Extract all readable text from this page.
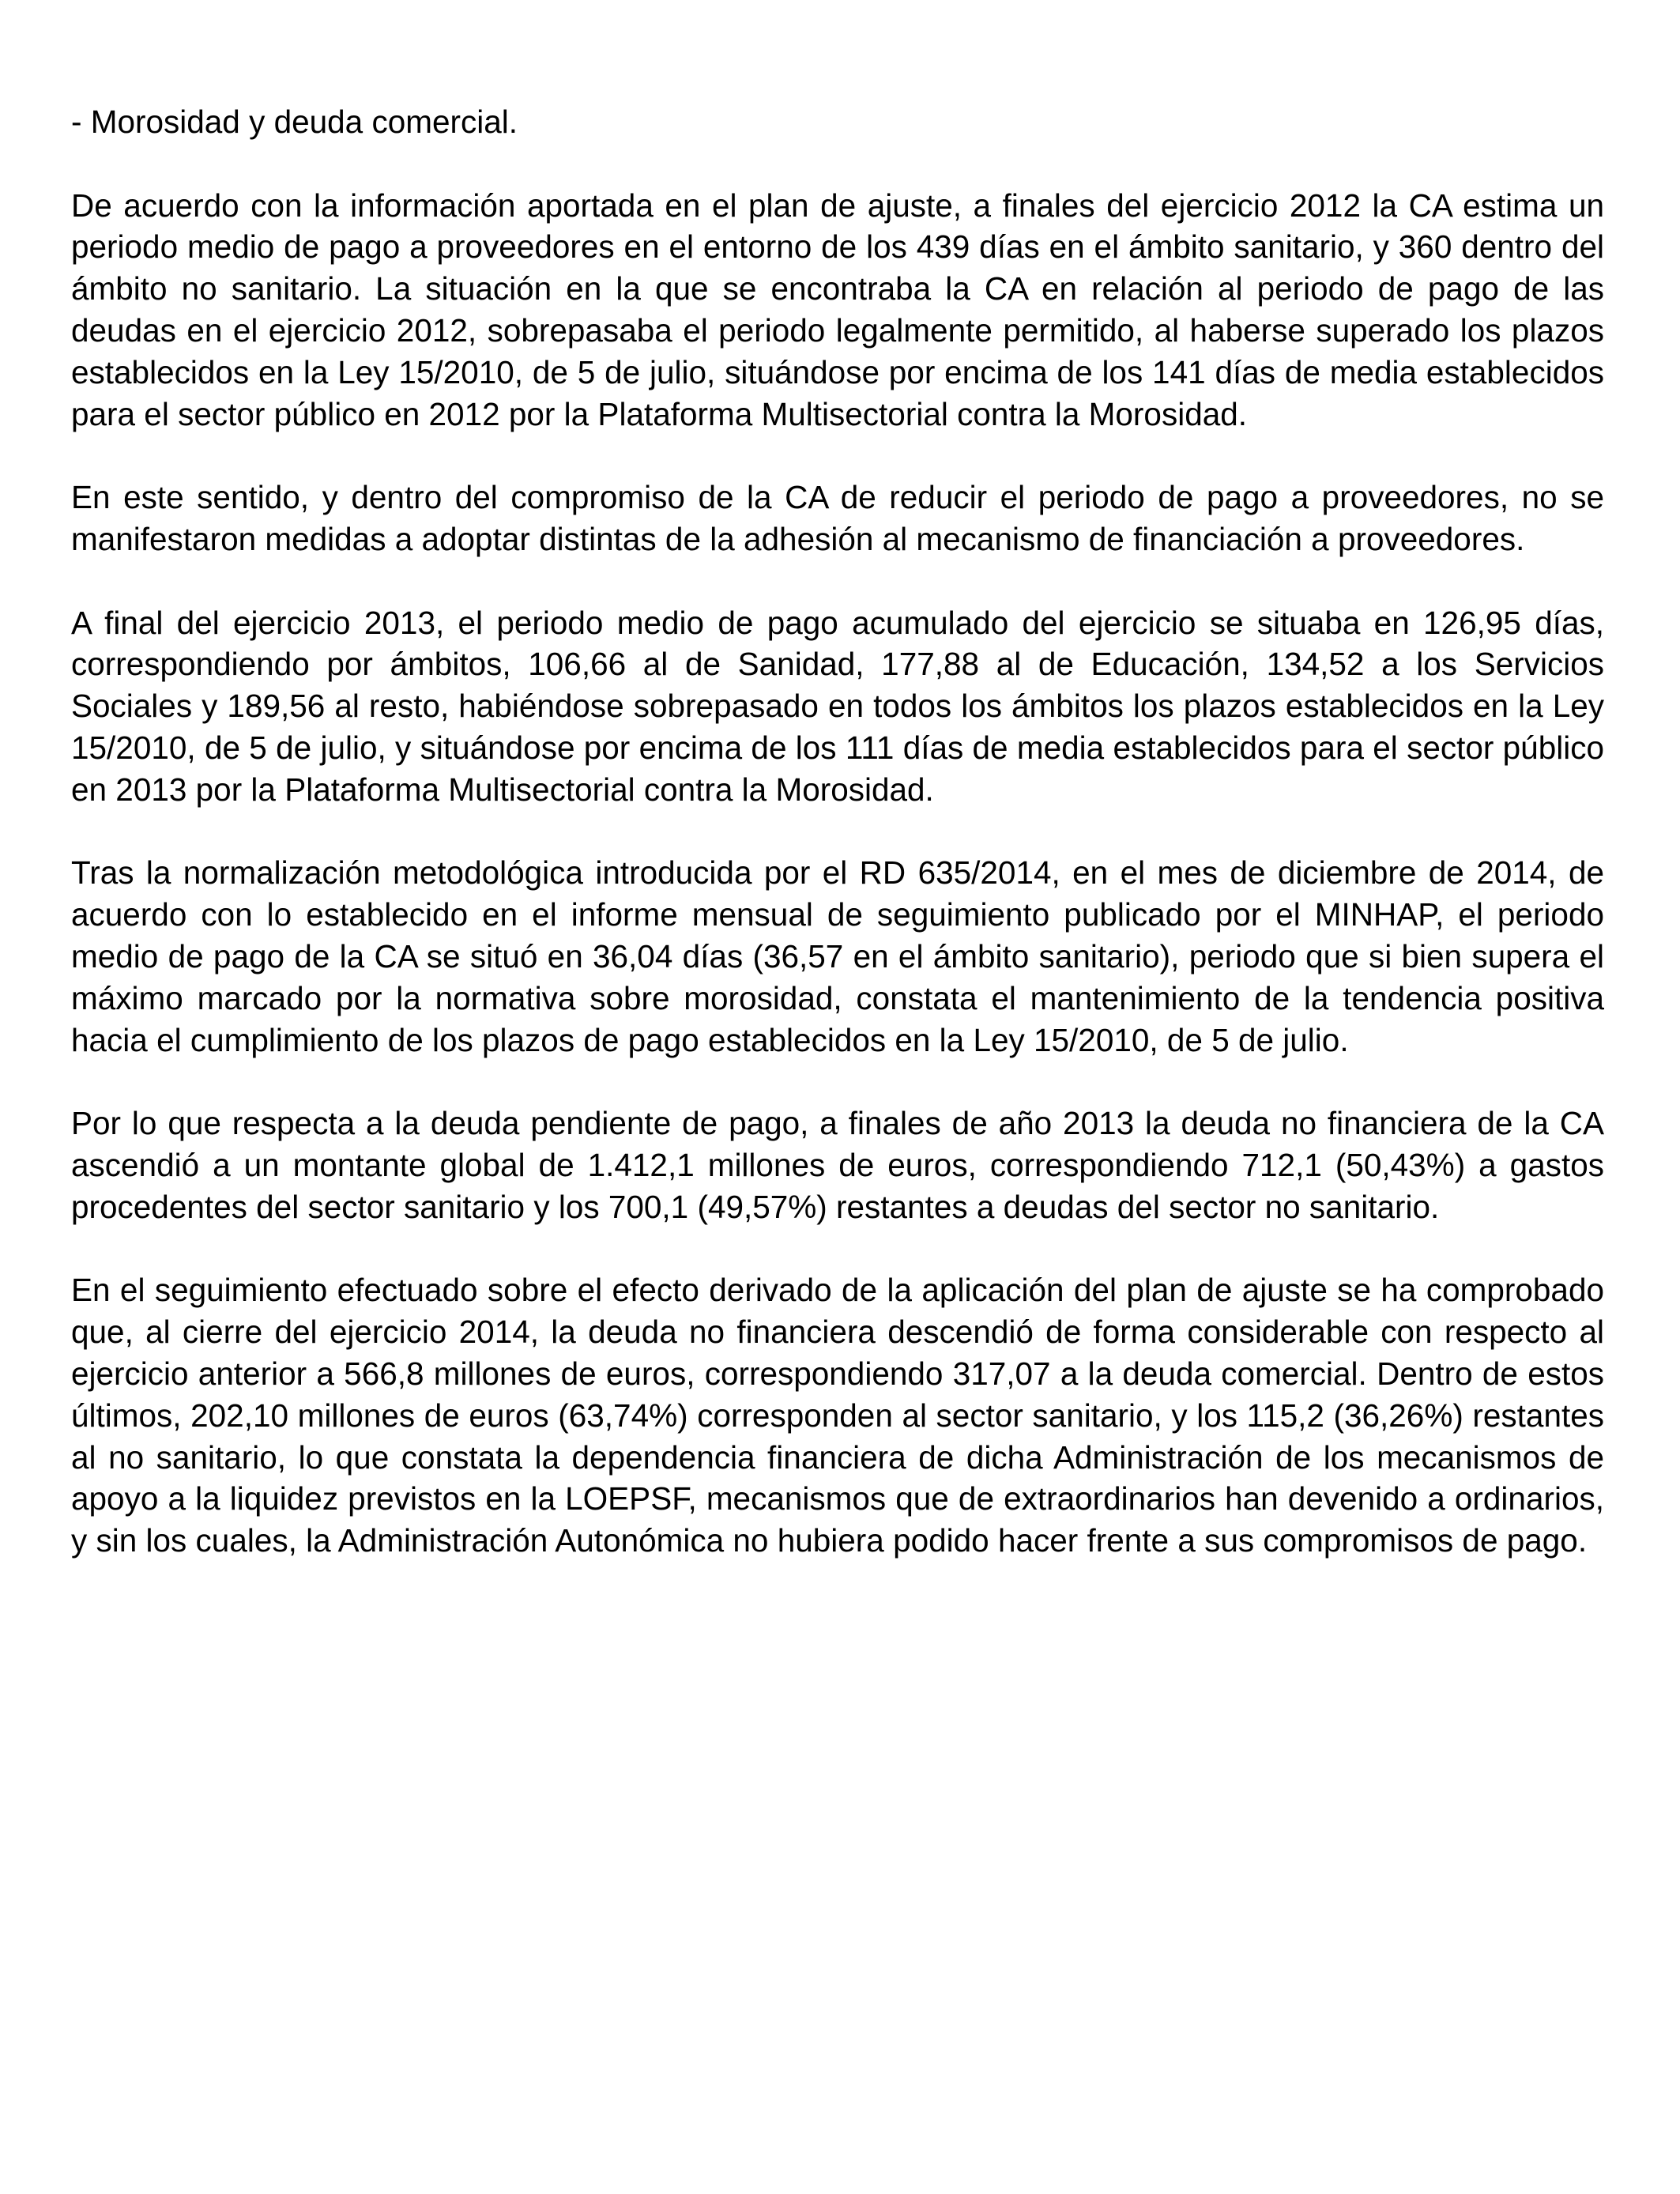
- Morosidad y deuda comercial.

De acuerdo con la información aportada en el plan de ajuste, a finales del ejercicio 2012 la CA estima un periodo medio de pago a proveedores en el entorno de los 439 días en el ámbito sanitario, y 360 dentro del ámbito no sanitario. La situación en la que se encontraba la CA en relación al periodo de pago de las deudas en el ejercicio 2012, sobrepasaba el periodo legalmente permitido, al haberse superado los plazos establecidos en la Ley 15/2010, de 5 de julio, situándose por encima de los 141 días de media establecidos para el sector público en 2012 por la Plataforma Multisectorial contra la Morosidad.

En este sentido, y dentro del compromiso de la CA de reducir el periodo de pago a proveedores, no se manifestaron medidas a adoptar distintas de la adhesión al mecanismo de financiación a proveedores.

A final del ejercicio 2013, el periodo medio de pago acumulado del ejercicio se situaba en 126,95 días, correspondiendo por ámbitos, 106,66 al de Sanidad, 177,88 al de Educación, 134,52 a los Servicios Sociales y 189,56 al resto, habiéndose sobrepasado en todos los ámbitos los plazos establecidos en la Ley 15/2010, de 5 de julio, y situándose por encima de los 111 días de media establecidos para el sector público en 2013 por la Plataforma Multisectorial contra la Morosidad.

Tras la normalización metodológica introducida por el RD 635/2014, en el mes de diciembre de 2014, de acuerdo con lo establecido en el informe mensual de seguimiento publicado por el MINHAP, el periodo medio de pago de la CA se situó en 36,04 días (36,57 en el ámbito sanitario), periodo que si bien supera el máximo marcado por la normativa sobre morosidad, constata el mantenimiento de la tendencia positiva hacia el cumplimiento de los plazos de pago establecidos en la Ley 15/2010, de 5 de julio.

Por lo que respecta a la deuda pendiente de pago, a finales de año 2013 la deuda no financiera de la CA ascendió a un montante global de 1.412,1 millones de euros, correspondiendo 712,1 (50,43%) a gastos procedentes del sector sanitario y los 700,1 (49,57%) restantes a deudas del sector no sanitario.

En el seguimiento efectuado sobre el efecto derivado de la aplicación del plan de ajuste se ha comprobado que, al cierre del ejercicio 2014, la deuda no financiera descendió de forma considerable con respecto al ejercicio anterior a 566,8 millones de euros, correspondiendo 317,07 a la deuda comercial. Dentro de estos últimos, 202,10 millones de euros (63,74%) corresponden al sector sanitario, y los 115,2 (36,26%) restantes al no sanitario, lo que constata la dependencia financiera de dicha Administración de los mecanismos de apoyo a la liquidez previstos en la LOEPSF, mecanismos que de extraordinarios han devenido a ordinarios, y sin los cuales, la Administración Autonómica no hubiera podido hacer frente a sus compromisos de pago.
